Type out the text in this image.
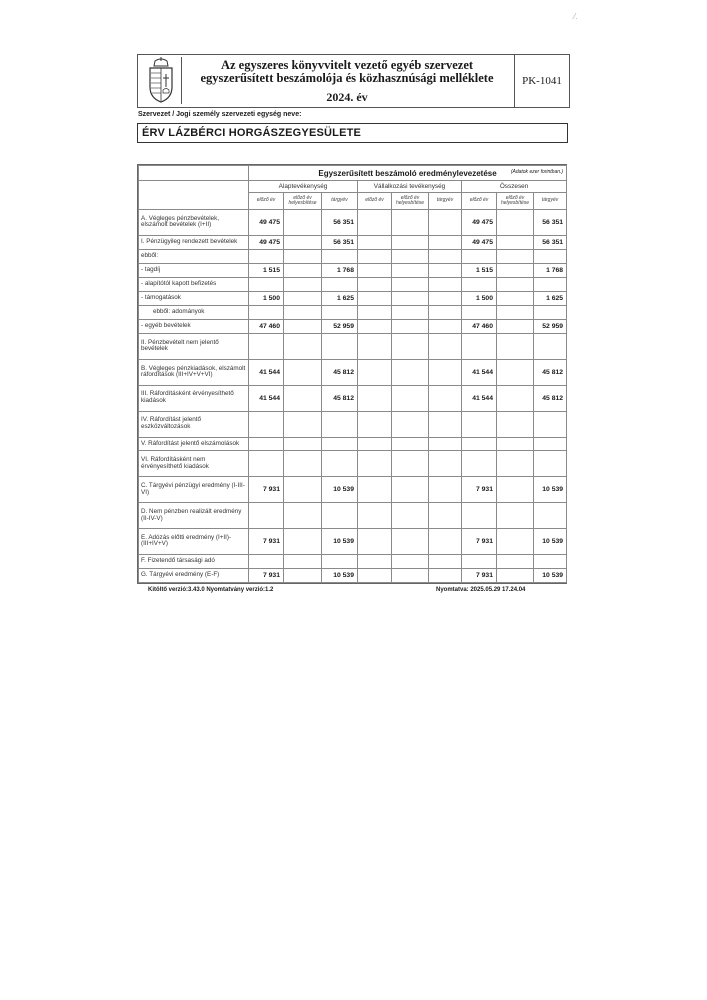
⁄.
Az egyszeres könyvvitelt vezető egyéb szervezet
egyszerűsített beszámolója és közhasznúsági melléklete
2024. év
PK-1041
Szervezet / Jogi személy szervezeti egység neve:
ÉRV LÁZBÉRCI HORGÁSZEGYESÜLETE
	Egyszerűsített beszámoló eredménylevezetése (Adatok ezer forintban.)								

	Alaptevékenység			Vállalkozási tevékenység			Összesen		
	előző év	előző év helyesbítése	tárgyév	előző év	előző év helyesbítése	tárgyév	előző év	előző év helyesbítése	tárgyév
A. Végleges pénzbevételek, elszámolt bevételek (I+II)	49 475		56 351				49 475		56 351
I. Pénzügyileg rendezett bevételek	49 475		56 351				49 475		56 351
ebből:									
- tagdíj	1 515		1 768				1 515		1 768
- alapítótól kapott befizetés									
- támogatások	1 500		1 625				1 500		1 625
ebből: adományok									
- egyéb bevételek	47 460		52 959				47 460		52 959
II. Pénzbevételt nem jelentő bevételek									
B. Végleges pénzkiadások, elszámolt ráfordítások (III+IV+V+VI)	41 544		45 812				41 544		45 812
III. Ráfordításként érvényesíthető kiadások	41 544		45 812				41 544		45 812
IV. Ráfordítást jelentő eszközváltozások									
V. Ráfordítást jelentő elszámolások									
VI. Ráfordításként nem érvényesíthető kiadások									
C. Tárgyévi pénzügyi eredmény (I-III-VI)	7 931		10 539				7 931		10 539
D. Nem pénzben realizált eredmény (II-IV-V)									
E. Adózás előtti eredmény (I+II)-(III+IV+V)	7 931		10 539				7 931		10 539
F. Fizetendő társasági adó									
G. Tárgyévi eredmény (E-F)	7 931		10 539				7 931		10 539
Kitöltő verzió:3.43.0 Nyomtatvány verzió:1.2	Nyomtatva: 2025.05.29 17.24.04
